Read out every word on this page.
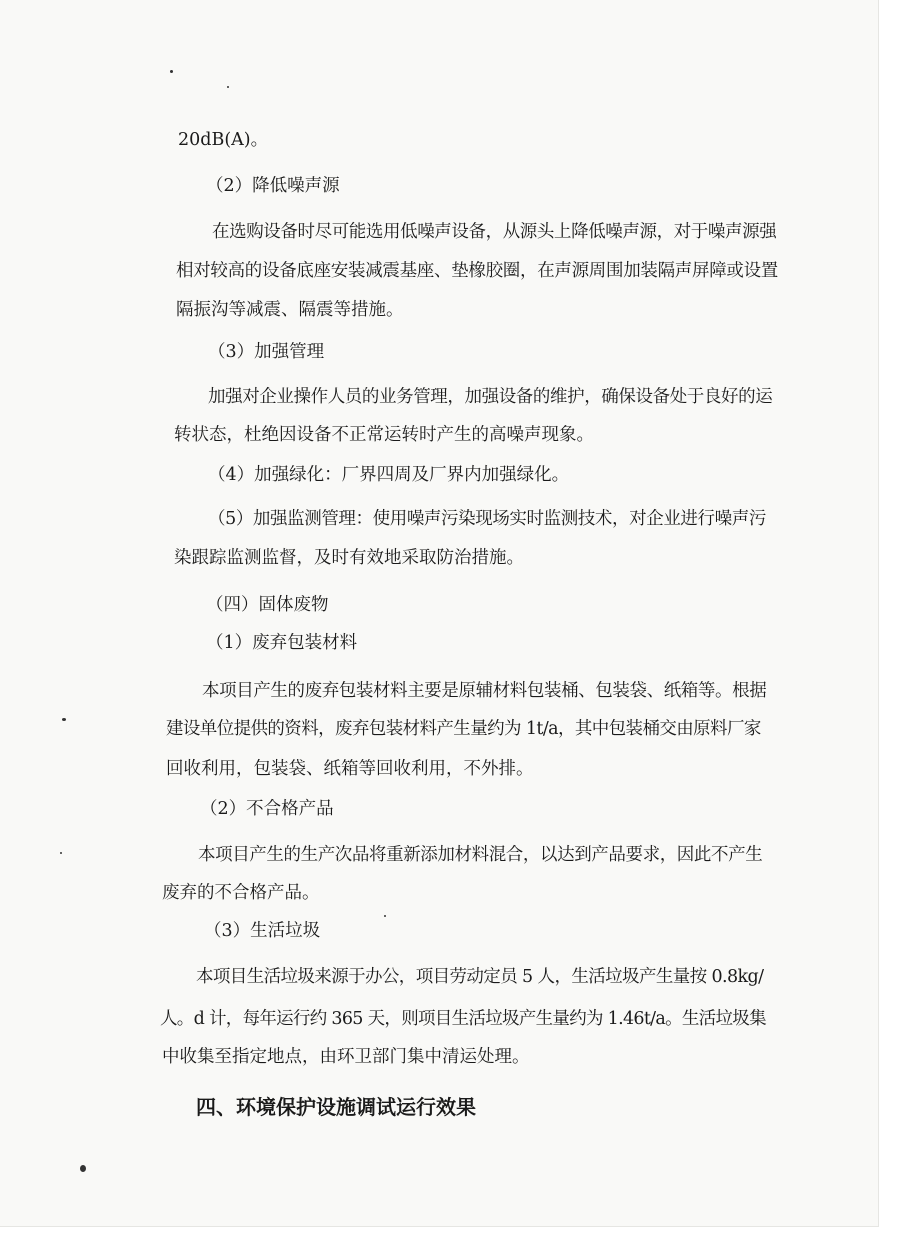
20dB(A)。
（2）降低噪声源
在选购设备时尽可能选用低噪声设备，从源头上降低噪声源，对于噪声源强
相对较高的设备底座安装减震基座、垫橡胶圈，在声源周围加装隔声屏障或设置
隔振沟等减震、隔震等措施。
（3）加强管理
加强对企业操作人员的业务管理，加强设备的维护，确保设备处于良好的运
转状态，杜绝因设备不正常运转时产生的高噪声现象。
（4）加强绿化：厂界四周及厂界内加强绿化。
（5）加强监测管理：使用噪声污染现场实时监测技术，对企业进行噪声污
染跟踪监测监督，及时有效地采取防治措施。
（四）固体废物
（1）废弃包装材料
本项目产生的废弃包装材料主要是原辅材料包装桶、包装袋、纸箱等。根据
建设单位提供的资料，废弃包装材料产生量约为 1t/a，其中包装桶交由原料厂家
回收利用，包装袋、纸箱等回收利用，不外排。
（2）不合格产品
本项目产生的生产次品将重新添加材料混合，以达到产品要求，因此不产生
废弃的不合格产品。
（3）生活垃圾
本项目生活垃圾来源于办公，项目劳动定员 5 人，生活垃圾产生量按 0.8kg/
人。d 计，每年运行约 365 天，则项目生活垃圾产生量约为 1.46t/a。生活垃圾集
中收集至指定地点，由环卫部门集中清运处理。
四、环境保护设施调试运行效果
